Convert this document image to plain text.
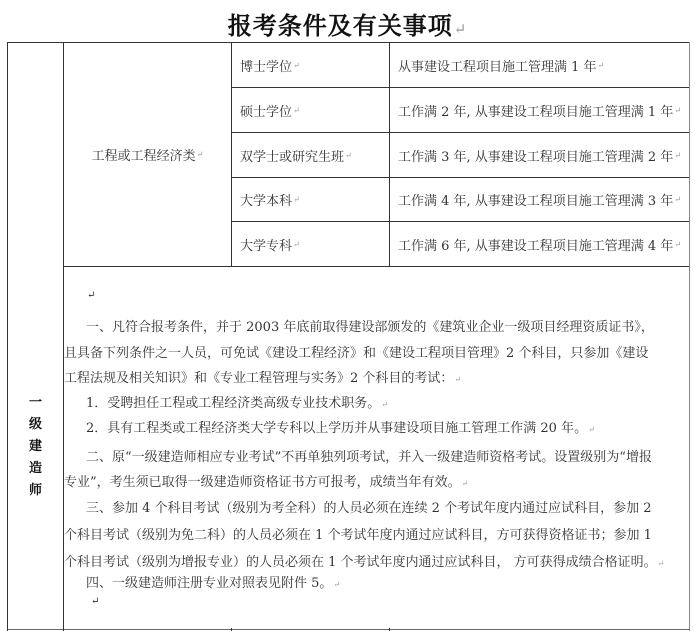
报考条件及有关事项↵
工程或工程经济类 ↵
博士学位 ↵
硕士学位 ↵
双学士或研究生班 ↵
大学本科 ↵
大学专科 ↵
从事建设工程项目施工管理满 1 年 ↵
工作满 2 年, 从事建设工程项目施工管理满 1 年 ↵
工作满 3 年, 从事建设工程项目施工管理满 2 年 ↵
工作满 4 年, 从事建设工程项目施工管理满 3 年 ↵
工作满 6 年, 从事建设工程项目施工管理满 4 年 ↵
一
级
建
造
师
↵
一、凡符合报考条件，并于 2003 年底前取得建设部颁发的《建筑业企业一级项目经理资质证书》，
且具备下列条件之一人员，可免试《建设工程经济》和《建设工程项目管理》2 个科目，只参加《建设
工程法规及相关知识》和《专业工程管理与实务》2 个科目的考试：↵
1．受聘担任工程或工程经济类高级专业技术职务。↵
2．具有工程类或工程经济类大学专科以上学历并从事建设项目施工管理工作满 20 年。↵
二、原“一级建造师相应专业考试”不再单独列项考试，并入一级建造师资格考试。设置级别为“增报
专业”，考生须已取得一级建造师资格证书方可报考，成绩当年有效。↵
三、参加 4 个科目考试（级别为考全科）的人员必须在连续 2 个考试年度内通过应试科目，参加 2
个科目考试（级别为免二科）的人员必须在 1 个考试年度内通过应试科目，方可获得资格证书；参加 1
个科目考试（级别为增报专业）的人员必须在 1 个考试年度内通过应试科目， 方可获得成绩合格证明。↵
四、一级建造师注册专业对照表见附件 5。↵
↵
